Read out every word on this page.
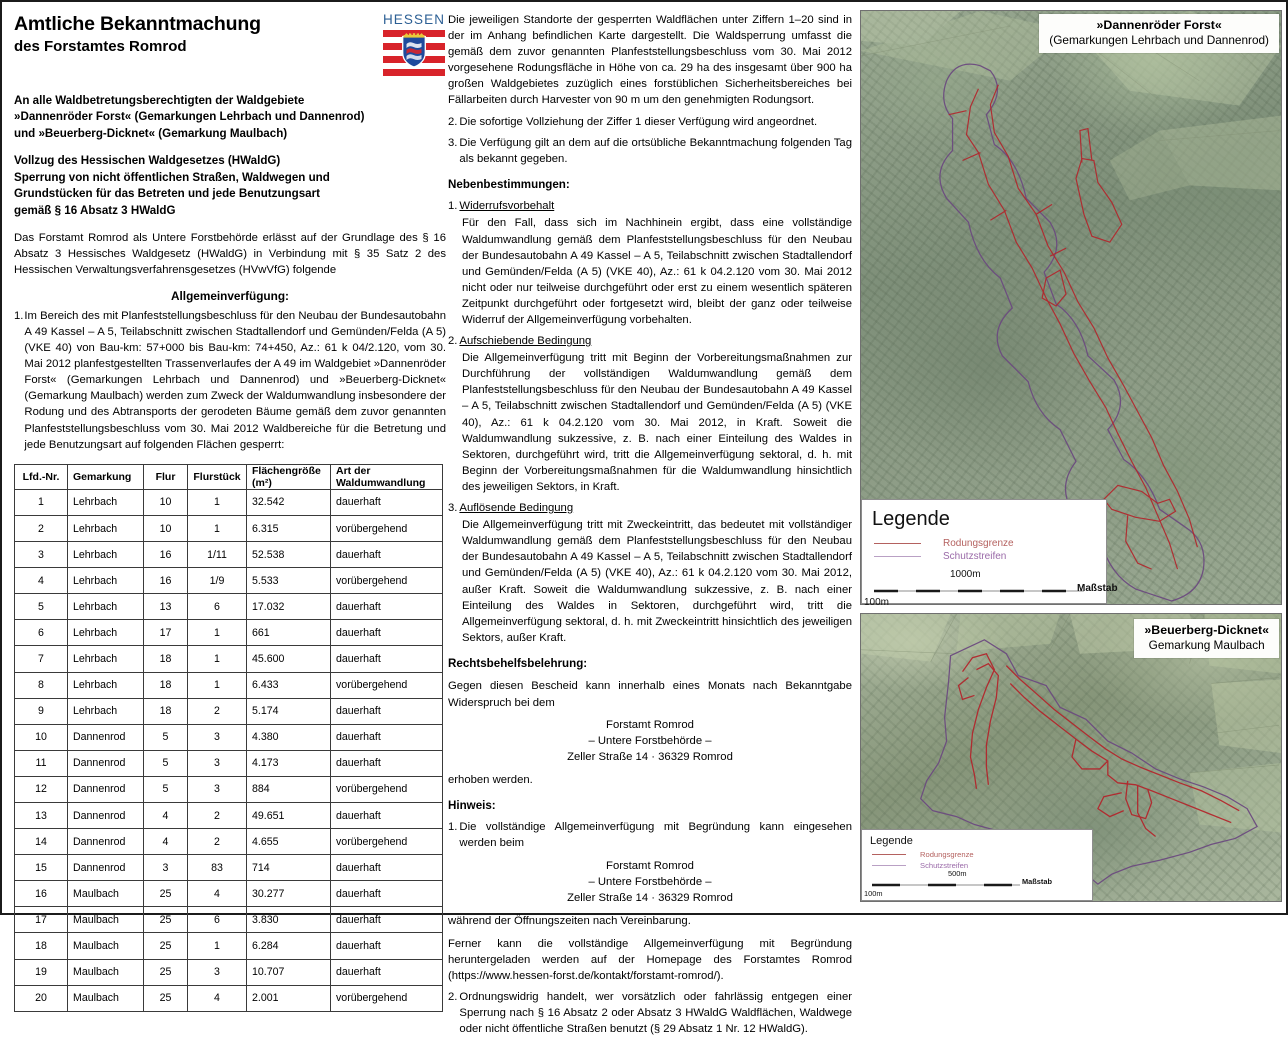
Amtliche Bekanntmachung
des Forstamtes Romrod
HESSEN
An alle Waldbetretungsberechtigten der Waldgebiete
»Dannenröder Forst« (Gemarkungen Lehrbach und Dannenrod)
und »Beuerberg-Dicknet« (Gemarkung Maulbach)
Vollzug des Hessischen Waldgesetzes (HWaldG)
Sperrung von nicht öffentlichen Straßen, Waldwegen und
Grundstücken für das Betreten und jede Benutzungsart
gemäß § 16 Absatz 3 HWaldG
Das Forstamt Romrod als Untere Forstbehörde erlässt auf der Grundlage des § 16 Absatz 3 Hessisches Waldgesetz (HWaldG) in Verbindung mit § 35 Satz 2 des Hessischen Verwaltungsverfahrensgesetzes (HVwVfG) folgende
Allgemeinverfügung:
1. Im Bereich des mit Planfeststellungsbeschluss für den Neubau der Bundesautobahn A 49 Kassel – A 5, Teilabschnitt zwischen Stadtallendorf und Gemünden/Felda (A 5) (VKE 40) von Bau-km: 57+000 bis Bau-km: 74+450, Az.: 61 k 04/2.120, vom 30. Mai 2012 planfestgestellten Trassenverlaufes der A 49 im Waldgebiet »Dannenröder Forst« (Gemarkungen Lehrbach und Dannenrod) und »Beuerberg-Dicknet« (Gemarkung Maulbach) werden zum Zweck der Waldumwandlung insbesondere der Rodung und des Abtransports der gerodeten Bäume gemäß dem zuvor genannten Planfeststellungsbeschluss vom 30. Mai 2012 Waldbereiche für die Betretung und jede Benutzungsart auf folgenden Flächen gesperrt:
Lfd.-Nr.	Gemarkung	Flur	Flurstück	Flächengröße (m²)	Art der Waldumwandlung
1	Lehrbach	10	1	32.542	dauerhaft
2	Lehrbach	10	1	6.315	vorübergehend
3	Lehrbach	16	1/11	52.538	dauerhaft
4	Lehrbach	16	1/9	5.533	vorübergehend
5	Lehrbach	13	6	17.032	dauerhaft
6	Lehrbach	17	1	661	dauerhaft
7	Lehrbach	18	1	45.600	dauerhaft
8	Lehrbach	18	1	6.433	vorübergehend
9	Lehrbach	18	2	5.174	dauerhaft
10	Dannenrod	5	3	4.380	dauerhaft
11	Dannenrod	5	3	4.173	dauerhaft
12	Dannenrod	5	3	884	vorübergehend
13	Dannenrod	4	2	49.651	dauerhaft
14	Dannenrod	4	2	4.655	vorübergehend
15	Dannenrod	3	83	714	dauerhaft
16	Maulbach	25	4	30.277	dauerhaft
17	Maulbach	25	6	3.830	dauerhaft
18	Maulbach	25	1	6.284	dauerhaft
19	Maulbach	25	3	10.707	dauerhaft
20	Maulbach	25	4	2.001	vorübergehend
Die jeweiligen Standorte der gesperrten Waldflächen unter Ziffern 1–20 sind in der im Anhang befindlichen Karte dargestellt. Die Waldsperrung umfasst die gemäß dem zuvor genannten Planfeststellungsbeschluss vom 30. Mai 2012 vorgesehene Rodungsfläche in Höhe von ca. 29 ha des insgesamt über 900 ha großen Waldgebietes zuzüglich eines forstüblichen Sicherheitsbereiches bei Fällarbeiten durch Harvester von 90 m um den genehmigten Rodungsort.
2. Die sofortige Vollziehung der Ziffer 1 dieser Verfügung wird angeordnet.
3. Die Verfügung gilt an dem auf die ortsübliche Bekanntmachung folgenden Tag als bekannt gegeben.
Nebenbestimmungen:
1. Widerrufsvorbehalt
Für den Fall, dass sich im Nachhinein ergibt, dass eine vollständige Waldumwandlung gemäß dem Planfeststellungsbeschluss für den Neubau der Bundesautobahn A 49 Kassel – A 5, Teilabschnitt zwischen Stadtallendorf und Gemünden/Felda (A 5) (VKE 40), Az.: 61 k 04.2.120 vom 30. Mai 2012 nicht oder nur teilweise durchgeführt oder erst zu einem wesentlich späteren Zeitpunkt durchgeführt oder fortgesetzt wird, bleibt der ganz oder teilweise Widerruf der Allgemeinverfügung vorbehalten.
2. Aufschiebende Bedingung
Die Allgemeinverfügung tritt mit Beginn der Vorbereitungsmaßnahmen zur Durchführung der vollständigen Waldumwandlung gemäß dem Planfeststellungsbeschluss für den Neubau der Bundesautobahn A 49 Kassel – A 5, Teilabschnitt zwischen Stadtallendorf und Gemünden/Felda (A 5) (VKE 40), Az.: 61 k 04.2.120 vom 30. Mai 2012, in Kraft. Soweit die Waldumwandlung sukzessive, z. B. nach einer Einteilung des Waldes in Sektoren, durchgeführt wird, tritt die Allgemeinverfügung sektoral, d. h. mit Beginn der Vorbereitungsmaßnahmen für die Waldumwandlung hinsichtlich des jeweiligen Sektors, in Kraft.
3. Auflösende Bedingung
Die Allgemeinverfügung tritt mit Zweckeintritt, das bedeutet mit vollständiger Waldumwandlung gemäß dem Planfeststellungsbeschluss für den Neubau der Bundesautobahn A 49 Kassel – A 5, Teilabschnitt zwischen Stadtallendorf und Gemünden/Felda (A 5) (VKE 40), Az.: 61 k 04.2.120 vom 30. Mai 2012, außer Kraft. Soweit die Waldumwandlung sukzessive, z. B. nach einer Einteilung des Waldes in Sektoren, durchgeführt wird, tritt die Allgemeinverfügung sektoral, d. h. mit Zweckeintritt hinsichtlich des jeweiligen Sektors, außer Kraft.
Rechtsbehelfsbelehrung:
Gegen diesen Bescheid kann innerhalb eines Monats nach Bekanntgabe Widerspruch bei dem
Forstamt Romrod
– Untere Forstbehörde –
Zeller Straße 14 · 36329 Romrod
erhoben werden.
Hinweis:
1. Die vollständige Allgemeinverfügung mit Begründung kann eingesehen werden beim
Forstamt Romrod
– Untere Forstbehörde –
Zeller Straße 14 · 36329 Romrod
während der Öffnungszeiten nach Vereinbarung.
Ferner kann die vollständige Allgemeinverfügung mit Begründung heruntergeladen werden auf der Homepage des Forstamtes Romrod (https://www.hessen-forst.de/kontakt/forstamt-romrod/).
2. Ordnungswidrig handelt, wer vorsätzlich oder fahrlässig entgegen einer Sperrung nach § 16 Absatz 2 oder Absatz 3 HWaldG Waldflächen, Waldwege oder nicht öffentliche Straßen benutzt (§ 29 Absatz 1 Nr. 12 HWaldG).
»Dannenröder Forst«
(Gemarkungen Lehrbach und Dannenrod)
Legende
Rodungsgrenze
Schutzstreifen
1000m
100m
Maßstab
»Beuerberg-Dicknet«
Gemarkung Maulbach
Legende
Rodungsgrenze
Schutzstreifen
500m
100m
Maßstab
